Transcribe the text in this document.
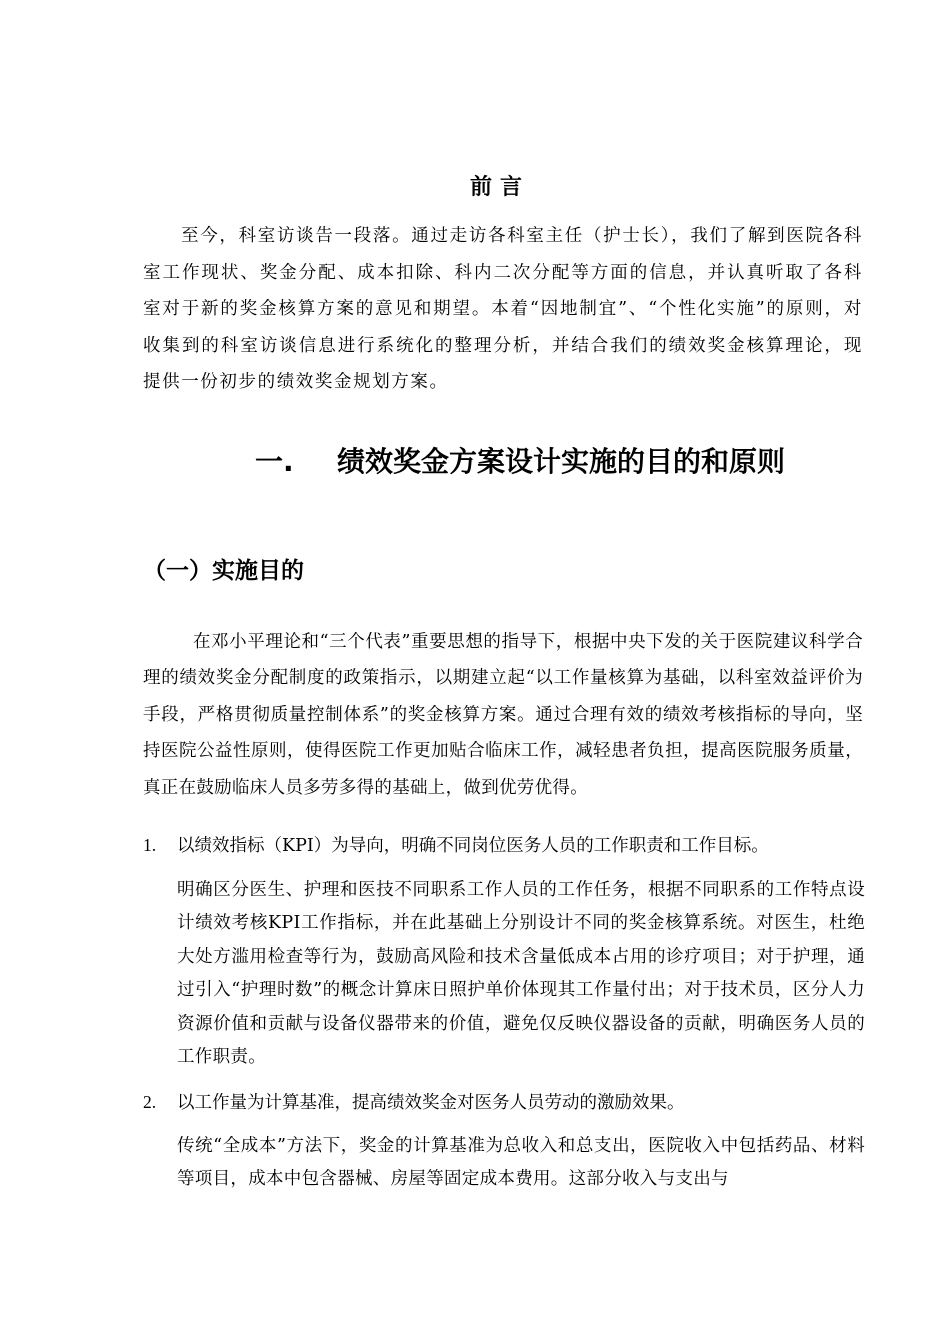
前言

至今，科室访谈告一段落。通过走访各科室主任（护士长），我们了解到医院各科室工作现状、奖金分配、成本扣除、科内二次分配等方面的信息，并认真听取了各科室对于新的奖金核算方案的意见和期望。本着“因地制宜”、“个性化实施”的原则，对收集到的科室访谈信息进行系统化的整理分析，并结合我们的绩效奖金核算理论，现提供一份初步的绩效奖金规划方案。

一.	绩效奖金方案设计实施的目的和原则
（一）实施目的

在邓小平理论和“三个代表”重要思想的指导下，根据中央下发的关于医院建议科学合理的绩效奖金分配制度的政策指示，以期建立起“以工作量核算为基础，以科室效益评价为手段，严格贯彻质量控制体系”的奖金核算方案。通过合理有效的绩效考核指标的导向，坚持医院公益性原则，使得医院工作更加贴合临床工作，减轻患者负担，提高医院服务质量，真正在鼓励临床人员多劳多得的基础上，做到优劳优得。

1. 以绩效指标（KPI）为导向，明确不同岗位医务人员的工作职责和工作目标。

明确区分医生、护理和医技不同职系工作人员的工作任务，根据不同职系的工作特点设计绩效考核KPI工作指标，并在此基础上分别设计不同的奖金核算系统。对医生，杜绝大处方滥用检查等行为，鼓励高风险和技术含量低成本占用的诊疗项目；对于护理，通过引入“护理时数”的概念计算床日照护单价体现其工作量付出；对于技术员，区分人力资源价值和贡献与设备仪器带来的价值，避免仅反映仪器设备的贡献，明确医务人员的工作职责。

2. 以工作量为计算基准，提高绩效奖金对医务人员劳动的激励效果。

传统“全成本”方法下，奖金的计算基准为总收入和总支出，医院收入中包括药品、材料等项目，成本中包含器械、房屋等固定成本费用。这部分收入与支出与
